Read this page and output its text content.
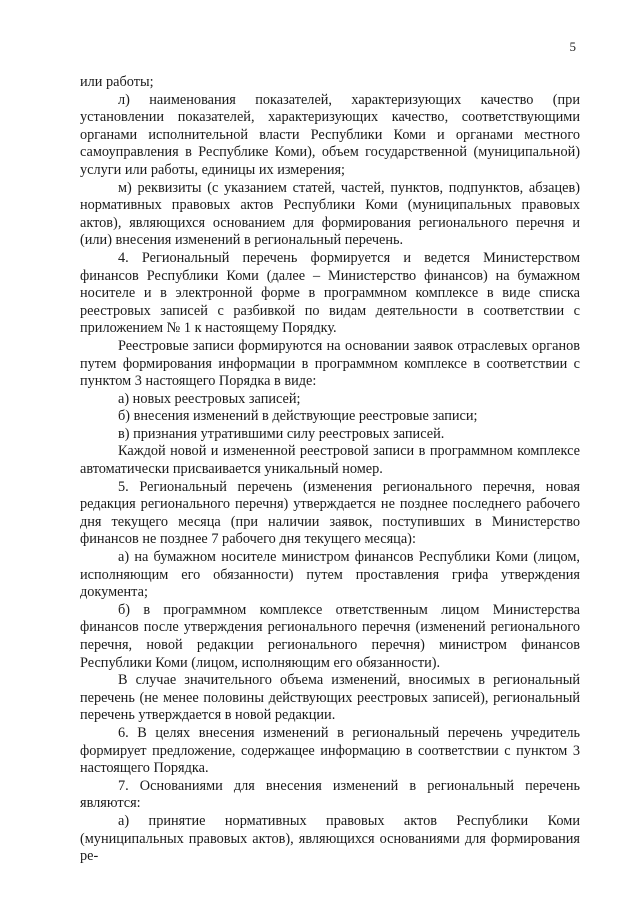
5

или работы;

л) наименования показателей, характеризующих качество (при установлении показателей, характеризующих качество, соответствующими органами исполнительной власти Республики Коми и органами местного самоуправления в Республике Коми), объем государственной (муниципальной) услуги или работы, единицы их измерения;

м) реквизиты (с указанием статей, частей, пунктов, подпунктов, абзацев) нормативных правовых актов Республики Коми (муниципальных правовых актов), являющихся основанием для формирования регионального перечня и (или) внесения изменений в региональный перечень.

4. Региональный перечень формируется и ведется Министерством финансов Республики Коми (далее – Министерство финансов) на бумажном носителе и в электронной форме в программном комплексе в виде списка реестровых записей с разбивкой по видам деятельности в соответствии с приложением № 1 к настоящему Порядку.

Реестровые записи формируются на основании заявок отраслевых органов путем формирования информации в программном комплексе в соответствии с пунктом 3 настоящего Порядка в виде:

а) новых реестровых записей;

б) внесения изменений в действующие реестровые записи;

в) признания утратившими силу реестровых записей.

Каждой новой и измененной реестровой записи в программном комплексе автоматически присваивается уникальный номер.

5. Региональный перечень (изменения регионального перечня, новая редакция регионального перечня) утверждается не позднее последнего рабочего дня текущего месяца (при наличии заявок, поступивших в Министерство финансов не позднее 7 рабочего дня текущего месяца):

а) на бумажном носителе министром финансов Республики Коми (лицом, исполняющим его обязанности) путем проставления грифа утверждения документа;

б) в программном комплексе ответственным лицом Министерства финансов после утверждения регионального перечня (изменений регионального перечня, новой редакции регионального перечня) министром финансов Республики Коми (лицом, исполняющим его обязанности).

В случае значительного объема изменений, вносимых в региональный перечень (не менее половины действующих реестровых записей), региональный перечень утверждается в новой редакции.

6. В целях внесения изменений в региональный перечень учредитель формирует предложение, содержащее информацию в соответствии с пунктом 3 настоящего Порядка.

7. Основаниями для внесения изменений в региональный перечень являются:

а) принятие нормативных правовых актов Республики Коми (муниципальных правовых актов), являющихся основаниями для формирования ре-
